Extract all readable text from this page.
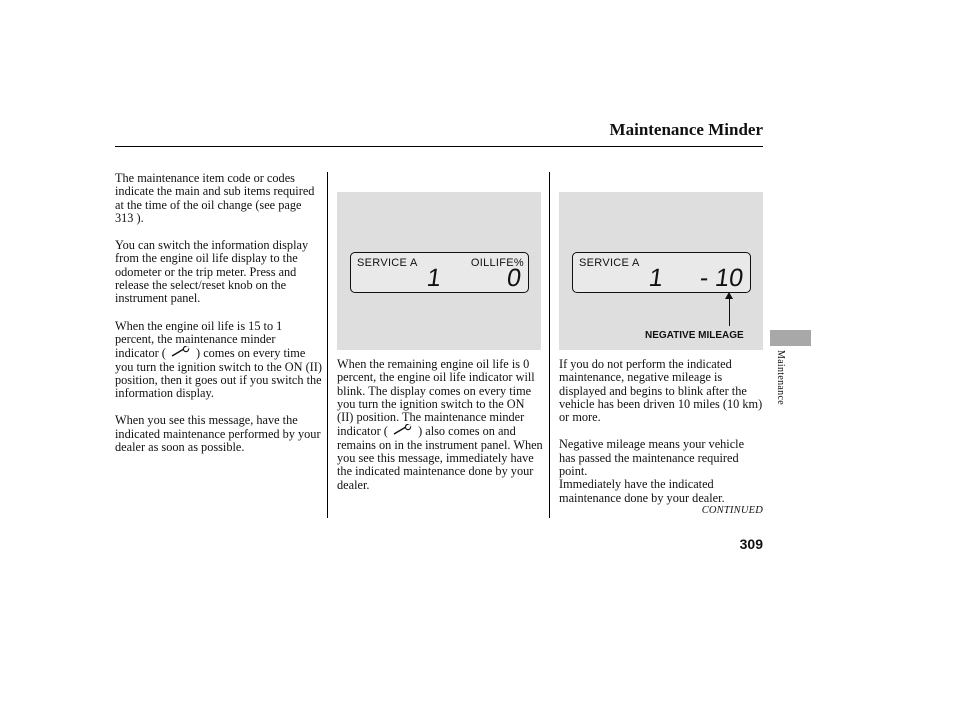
Maintenance Minder

The maintenance item code or codes indicate the main and sub items required at the time of the oil change (see page 313 ).

You can switch the information display from the engine oil life display to the odometer or the trip meter. Press and release the select/reset knob on the instrument panel.

When the engine oil life is 15 to 1 percent, the maintenance minder indicator ( ) comes on every time you turn the ignition switch to the ON (II) position, then it goes out if you switch the information display.

When you see this message, have the indicated maintenance performed by your dealer as soon as possible.

SERVICE A	OILLIFE%
1 0
SERVICE A
1 - 10
NEGATIVE MILEAGE

When the remaining engine oil life is 0 percent, the engine oil life indicator will blink. The display comes on every time you turn the ignition switch to the ON (II) position. The maintenance minder indicator ( ) also comes on and remains on in the instrument panel. When you see this message, immediately have the indicated maintenance done by your dealer.

If you do not perform the indicated maintenance, negative mileage is displayed and begins to blink after the vehicle has been driven 10 miles (10 km) or more.

Negative mileage means your vehicle has passed the maintenance required point.

Immediately have the indicated maintenance done by your dealer.

CONTINUED
309
Maintenance
